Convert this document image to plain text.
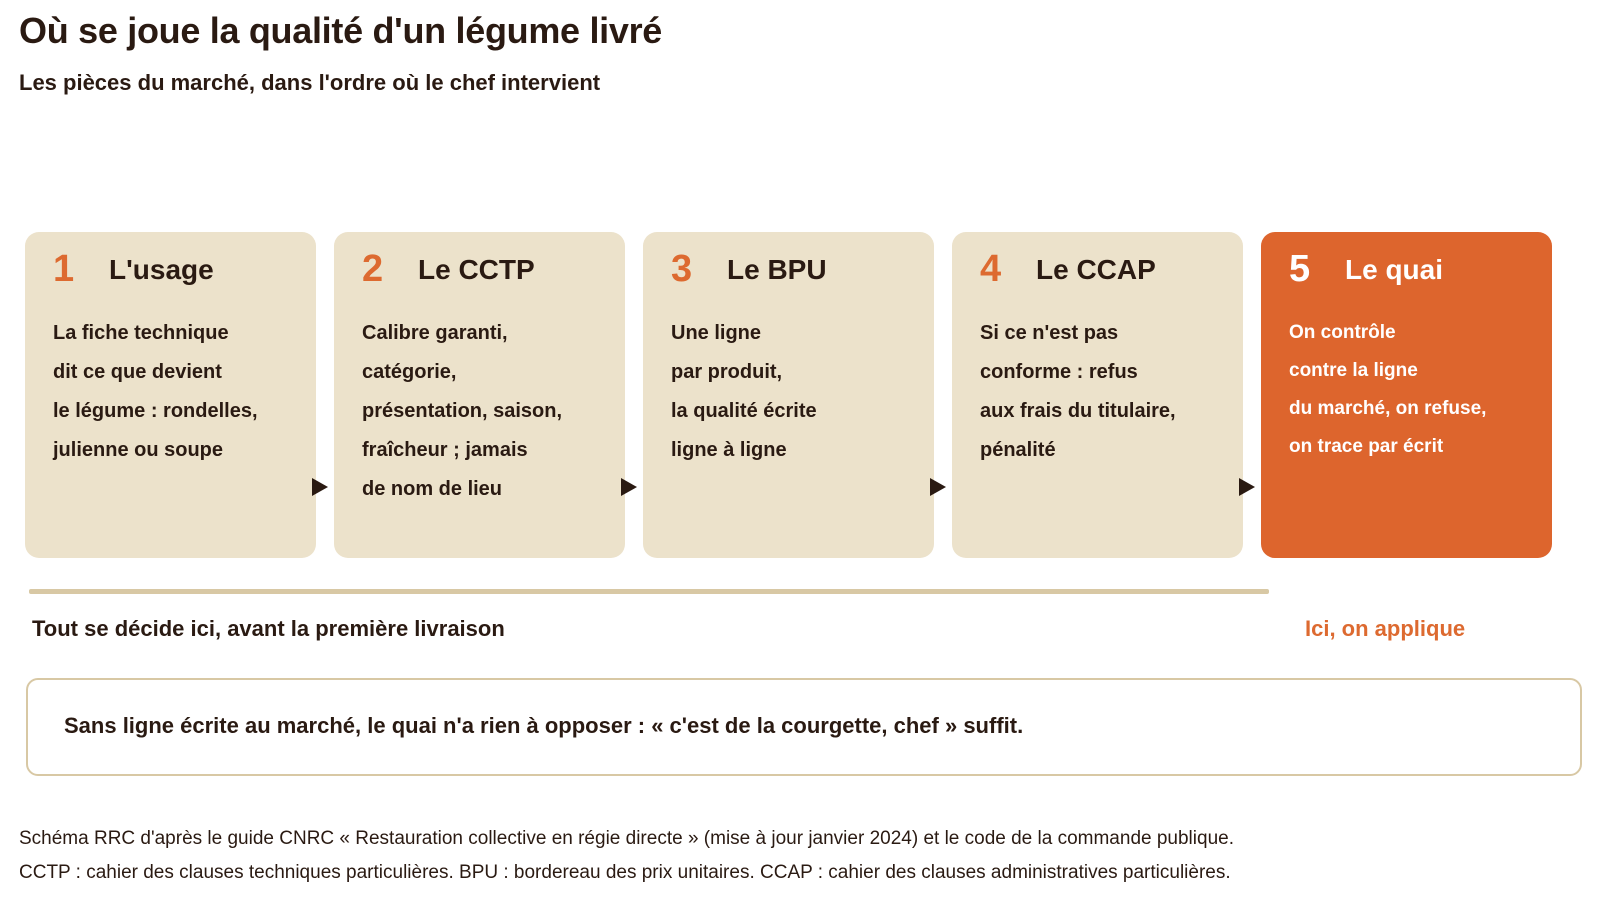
Où se joue la qualité d'un légume livré
Les pièces du marché, dans l'ordre où le chef intervient
1 L'usage
La fiche technique
dit ce que devient
le légume : rondelles,
julienne ou soupe
2 Le CCTP
Calibre garanti,
catégorie,
présentation, saison,
fraîcheur ; jamais
de nom de lieu
3 Le BPU
Une ligne
par produit,
la qualité écrite
ligne à ligne
4 Le CCAP
Si ce n'est pas
conforme : refus
aux frais du titulaire,
pénalité
5 Le quai
On contrôle
contre la ligne
du marché, on refuse,
on trace par écrit
Tout se décide ici, avant la première livraison	Ici, on applique
Sans ligne écrite au marché, le quai n'a rien à opposer : « c'est de la courgette, chef » suffit.
Schéma RRC d'après le guide CNRC « Restauration collective en régie directe » (mise à jour janvier 2024) et le code de la commande publique.
CCTP : cahier des clauses techniques particulières. BPU : bordereau des prix unitaires. CCAP : cahier des clauses administratives particulières.
